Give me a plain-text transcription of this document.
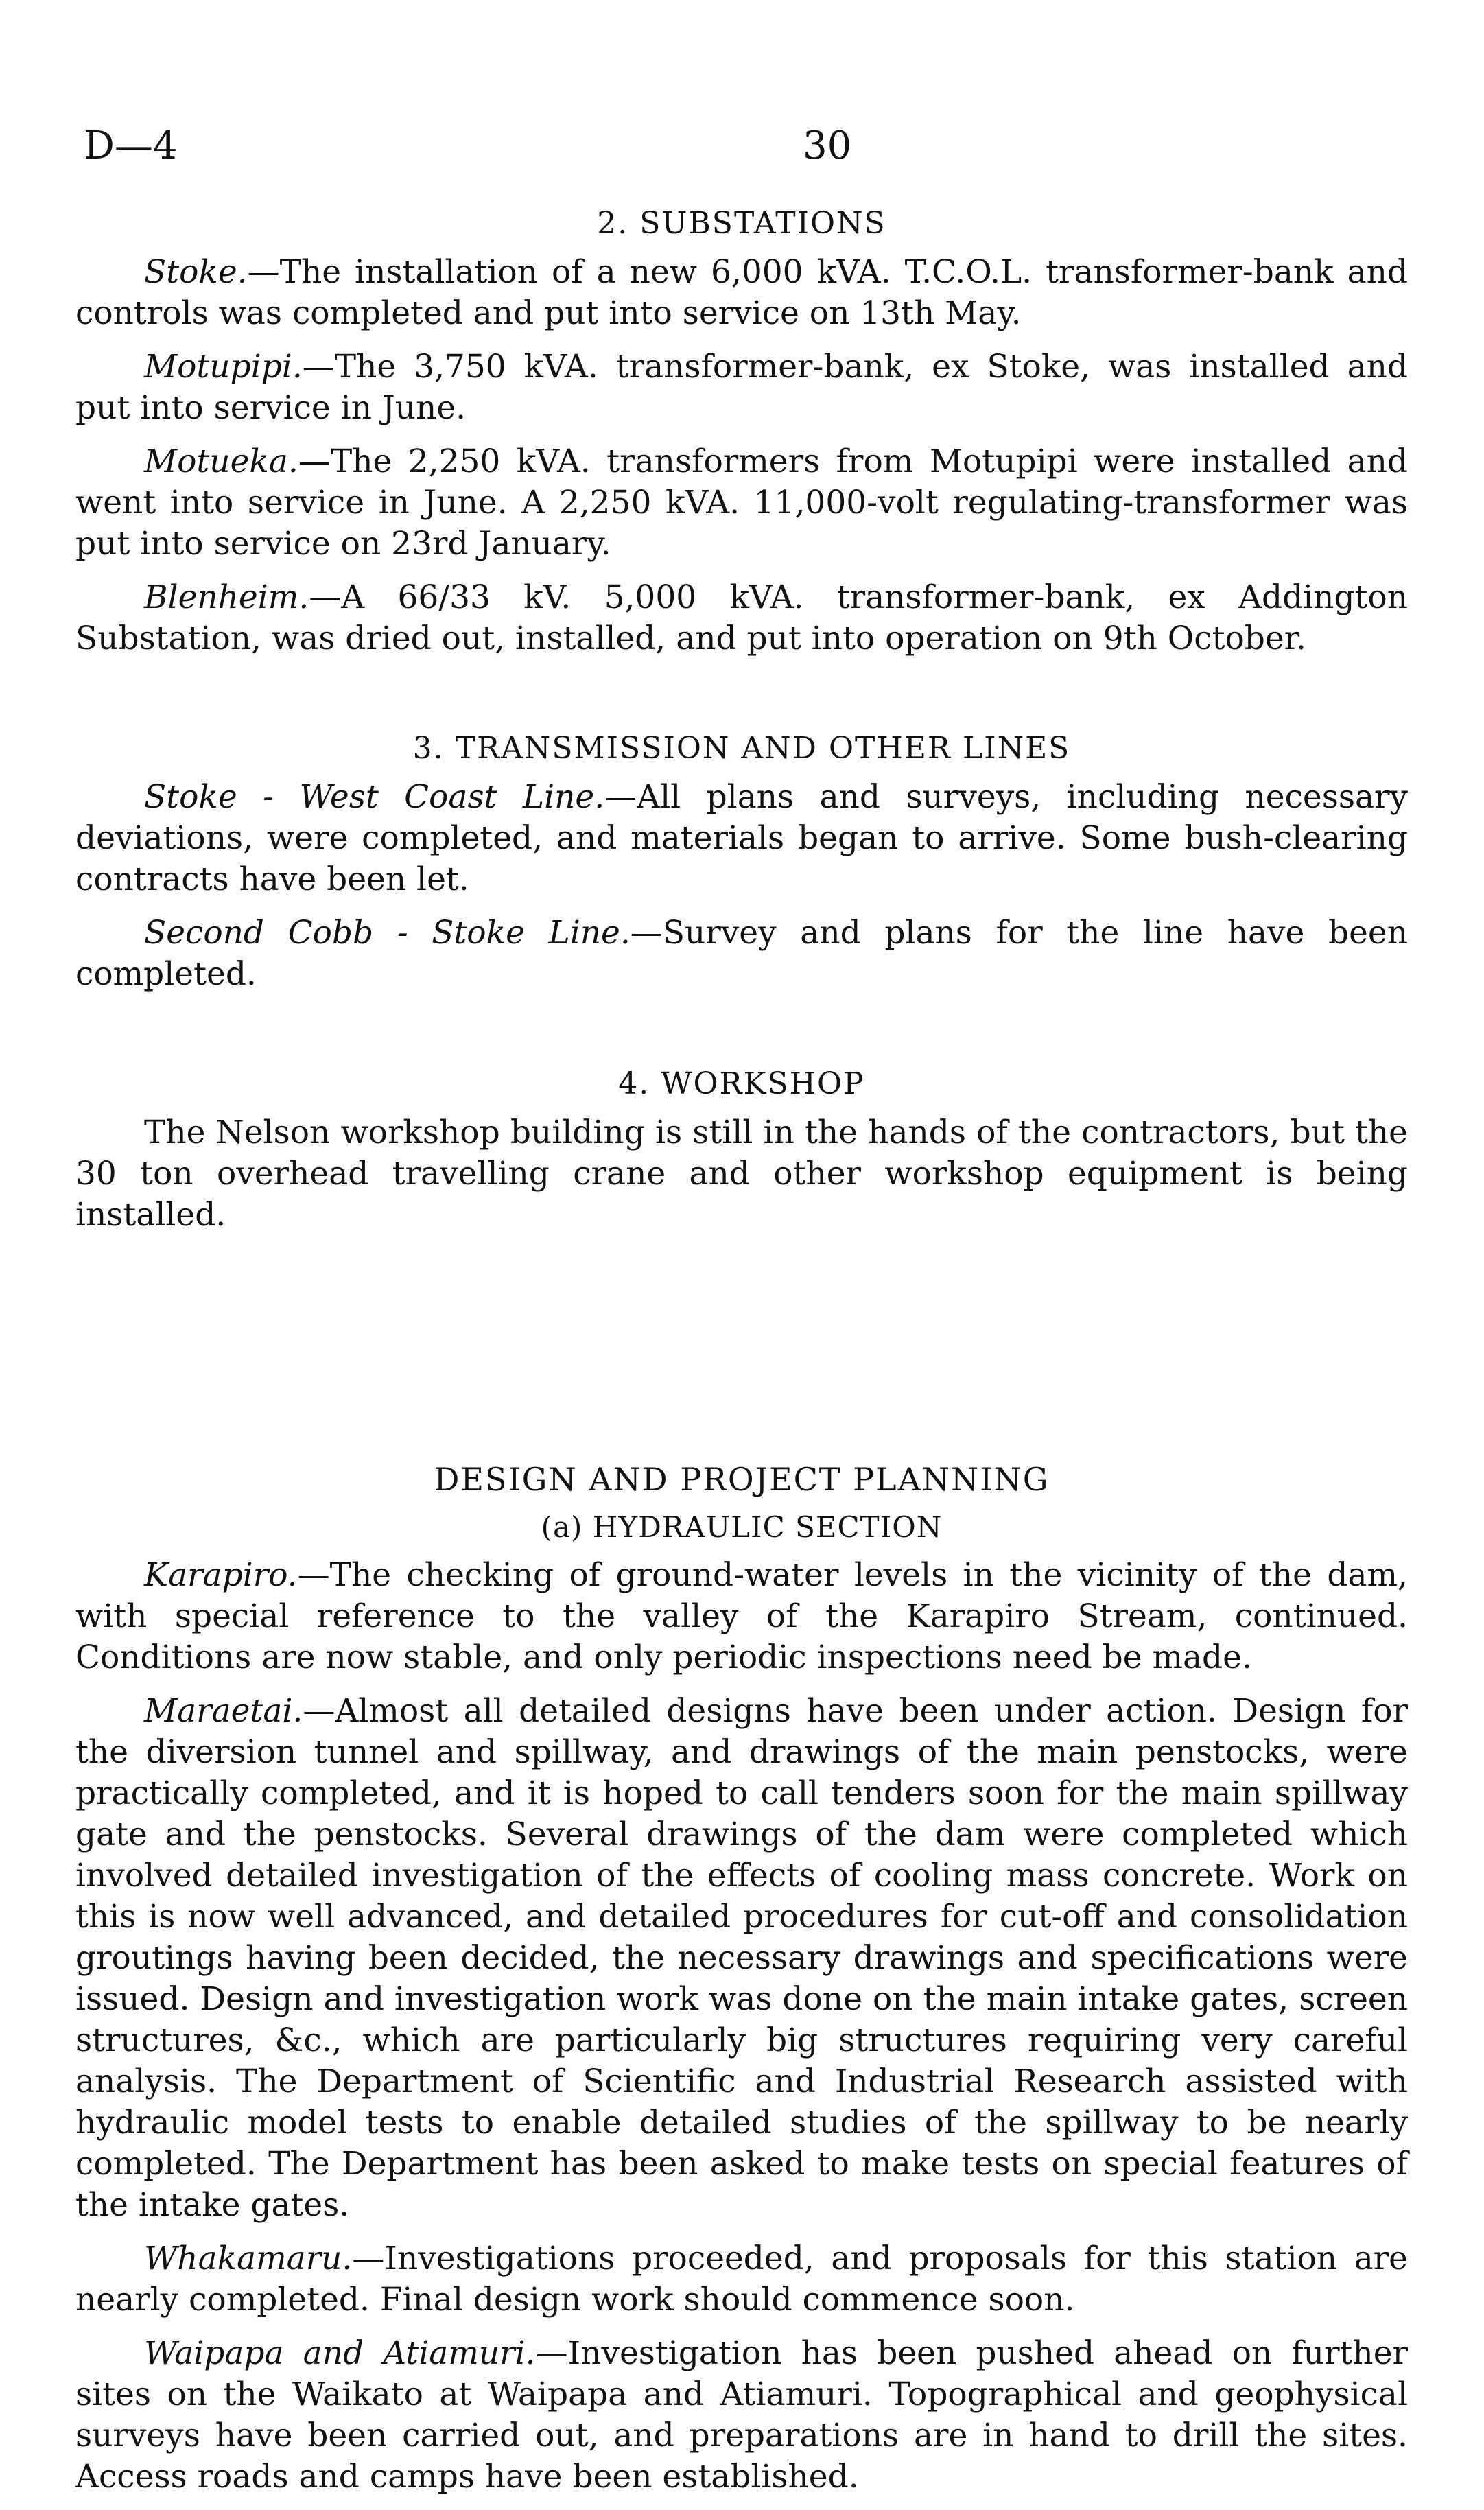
D—4	30
2. SUBSTATIONS

Stoke.—The installation of a new 6,000 kVA. T.C.O.L. transformer-bank and controls was completed and put into service on 13th May.

Motupipi.—The 3,750 kVA. transformer-bank, ex Stoke, was installed and put into service in June.

Motueka.—The 2,250 kVA. transformers from Motupipi were installed and went into service in June. A 2,250 kVA. 11,000-volt regulating-transformer was put into service on 23rd January.

Blenheim.—A 66/33 kV. 5,000 kVA. transformer-bank, ex Addington Substation, was dried out, installed, and put into operation on 9th October.

3. TRANSMISSION AND OTHER LINES

Stoke - West Coast Line.—All plans and surveys, including necessary deviations, were completed, and materials began to arrive. Some bush-clearing contracts have been let.

Second Cobb - Stoke Line.—Survey and plans for the line have been completed.

4. WORKSHOP

The Nelson workshop building is still in the hands of the contractors, but the 30 ton overhead travelling crane and other workshop equipment is being installed.

DESIGN AND PROJECT PLANNING
(a) HYDRAULIC SECTION

Karapiro.—The checking of ground-water levels in the vicinity of the dam, with special reference to the valley of the Karapiro Stream, continued. Conditions are now stable, and only periodic inspections need be made.

Maraetai.—Almost all detailed designs have been under action. Design for the diversion tunnel and spillway, and drawings of the main penstocks, were practically completed, and it is hoped to call tenders soon for the main spillway gate and the penstocks. Several drawings of the dam were completed which involved detailed investigation of the effects of cooling mass concrete. Work on this is now well advanced, and detailed procedures for cut-off and consolidation groutings having been decided, the necessary drawings and specifications were issued. Design and investigation work was done on the main intake gates, screen structures, &c., which are particularly big structures requiring very careful analysis. The Department of Scientific and Industrial Research assisted with hydraulic model tests to enable detailed studies of the spillway to be nearly completed. The Department has been asked to make tests on special features of the intake gates.

Whakamaru.—Investigations proceeded, and proposals for this station are nearly completed. Final design work should commence soon.

Waipapa and Atiamuri.—Investigation has been pushed ahead on further sites on the Waikato at Waipapa and Atiamuri. Topographical and geophysical surveys have been carried out, and preparations are in hand to drill the sites. Access roads and camps have been established.
